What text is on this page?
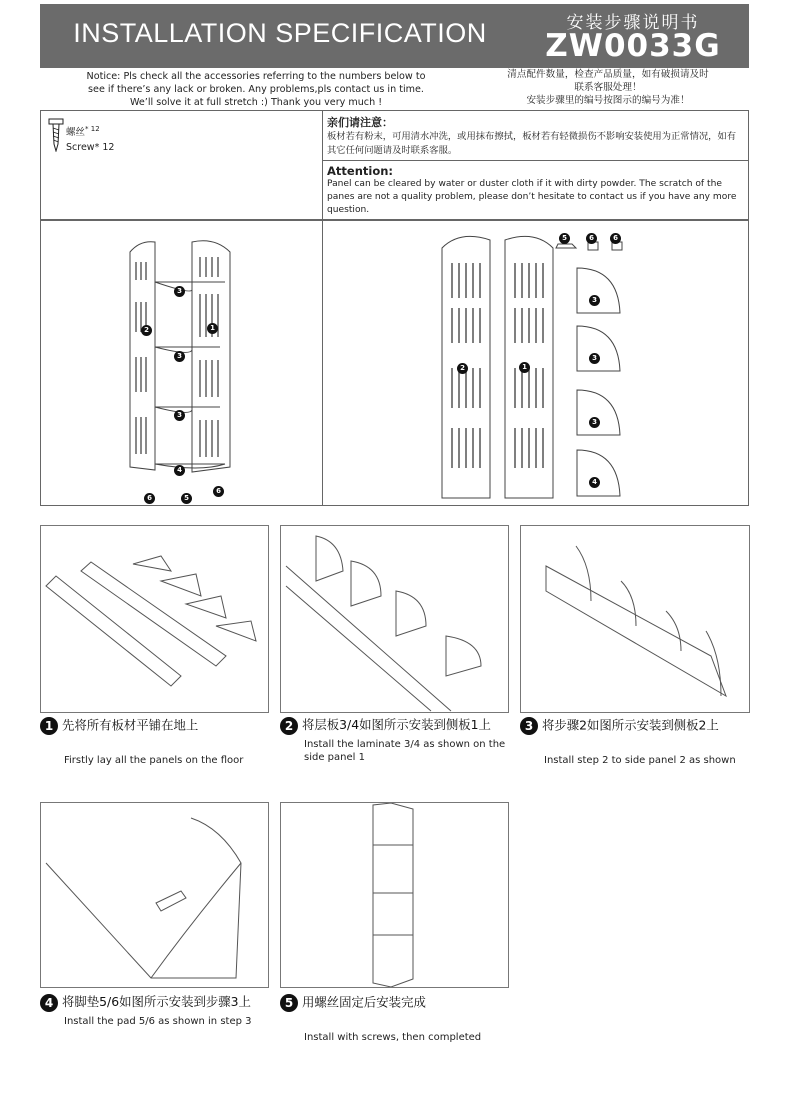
INSTALLATION SPECIFICATION	安装步骤说明书
ZW0033G
Notice: Pls check all the accessories referring to the numbers below to
see if there’s any lack or broken. Any problems,pls contact us in time.
We’ll solve it at full stretch :) Thank you very much !
清点配件数量，检查产品质量，如有破损请及时
联系客服处理！
安装步骤里的编号按图示的编号为准！
螺丝$^{* 12}$
Screw* 12
亲们请注意：
板材若有粉末，可用清水冲洗，或用抹布擦拭，板材若有轻微损伤不影响安装使用为正常情况，如有其它任何问题请及时联系客服。
Attention:
Panel can be cleared by water or duster cloth if it with dirty powder. The scratch of the panes are not a quality problem, please don’t hesitate to contact us if you have any more question.
3
2	1
3
3
4
6	5
6
2	1
5	6	6
3
3
3
4
1 先将所有板材平铺在地上
Firstly lay all the panels on the floor
2 将层板3/4如图所示安装到侧板1上
Install the laminate 3/4 as shown on the side panel 1
3 将步骤2如图所示安装到侧板2上
Install step 2 to side panel 2 as shown
4 将脚垫5/6如图所示安装到步骤3上
Install the pad 5/6 as shown in step 3
5 用螺丝固定后安装完成
Install with screws, then completed
